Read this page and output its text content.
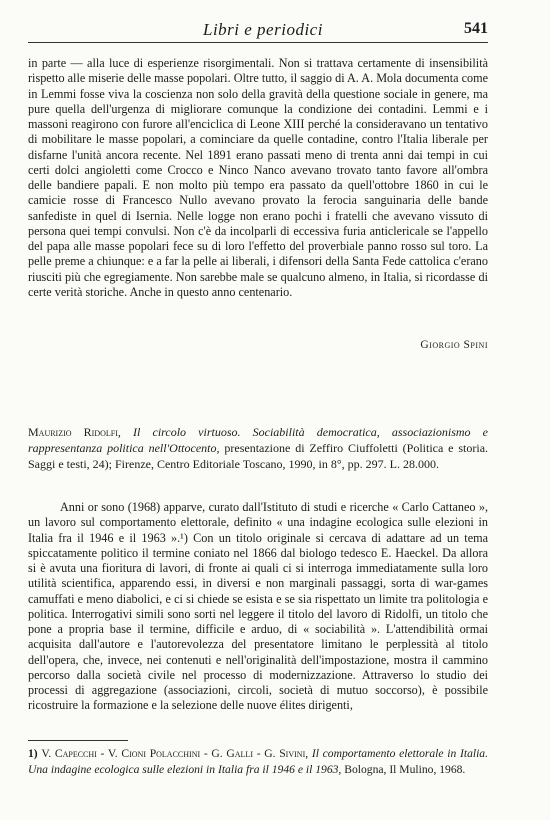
Libri e periodici	541

in parte — alla luce di esperienze risorgimentali. Non si trattava certamente di insensibilità rispetto alle miserie delle masse popolari. Oltre tutto, il saggio di A. A. Mola documenta come in Lemmi fosse viva la coscienza non solo della gravità della questione sociale in genere, ma pure quella dell'urgenza di migliorare comunque la condizione dei contadini. Lemmi e i massoni reagirono con furore all'enciclica di Leone XIII perché la consideravano un tentativo di mobilitare le masse popolari, a cominciare da quelle contadine, contro l'Italia liberale per disfarne l'unità ancora recente. Nel 1891 erano passati meno di trenta anni dai tempi in cui certi dolci angioletti come Crocco e Ninco Nanco avevano trovato tanto favore all'ombra delle bandiere papali. E non molto più tempo era passato da quell'ottobre 1860 in cui le camicie rosse di Francesco Nullo avevano provato la ferocia sanguinaria delle bande sanfediste in quel di Isernia. Nelle logge non erano pochi i fratelli che avevano vissuto di persona quei tempi convulsi. Non c'è da incolparli di eccessiva furia anticlericale se l'appello del papa alle masse popolari fece su di loro l'effetto del proverbiale panno rosso sul toro. La pelle preme a chiunque: e a far la pelle ai liberali, i difensori della Santa Fede cattolica c'erano riusciti più che egregiamente. Non sarebbe male se qualcuno almeno, in Italia, si ricordasse di certe verità storiche. Anche in questo anno centenario.

Giorgio Spini
Maurizio Ridolfi, Il circolo virtuoso. Sociabilità democratica, associazionismo e rappresentanza politica nell'Ottocento, presentazione di Zeffiro Ciuffoletti (Politica e storia. Saggi e testi, 24); Firenze, Centro Editoriale Toscano, 1990, in 8°, pp. 297. L. 28.000.

Anni or sono (1968) apparve, curato dall'Istituto di studi e ricerche « Carlo Cattaneo », un lavoro sul comportamento elettorale, definito « una indagine ecologica sulle elezioni in Italia fra il 1946 e il 1963 ».¹) Con un titolo originale si cercava di adattare ad un tema spiccatamente politico il termine coniato nel 1866 dal biologo tedesco E. Haeckel. Da allora si è avuta una fioritura di lavori, di fronte ai quali ci si interroga immediatamente sulla loro utilità scientifica, apparendo essi, in diversi e non marginali passaggi, sorta di war-games camuffati e meno diabolici, e ci si chiede se esista e se sia rispettato un limite tra politologia e politica. Interrogativi simili sono sorti nel leggere il titolo del lavoro di Ridolfi, un titolo che pone a propria base il termine, difficile e arduo, di « sociabilità ». L'attendibilità ormai acquisita dall'autore e l'autorevolezza del presentatore limitano le perplessità al titolo dell'opera, che, invece, nei contenuti e nell'originalità dell'impostazione, mostra il cammino percorso dalla società civile nel processo di modernizzazione. Attraverso lo studio dei processi di aggregazione (associazioni, circoli, società di mutuo soccorso), è possibile ricostruire la formazione e la selezione delle nuove élites dirigenti,

1) V. Capecchi - V. Cioni Polacchini - G. Galli - G. Sivini, Il comportamento elettorale in Italia. Una indagine ecologica sulle elezioni in Italia fra il 1946 e il 1963, Bologna, Il Mulino, 1968.
